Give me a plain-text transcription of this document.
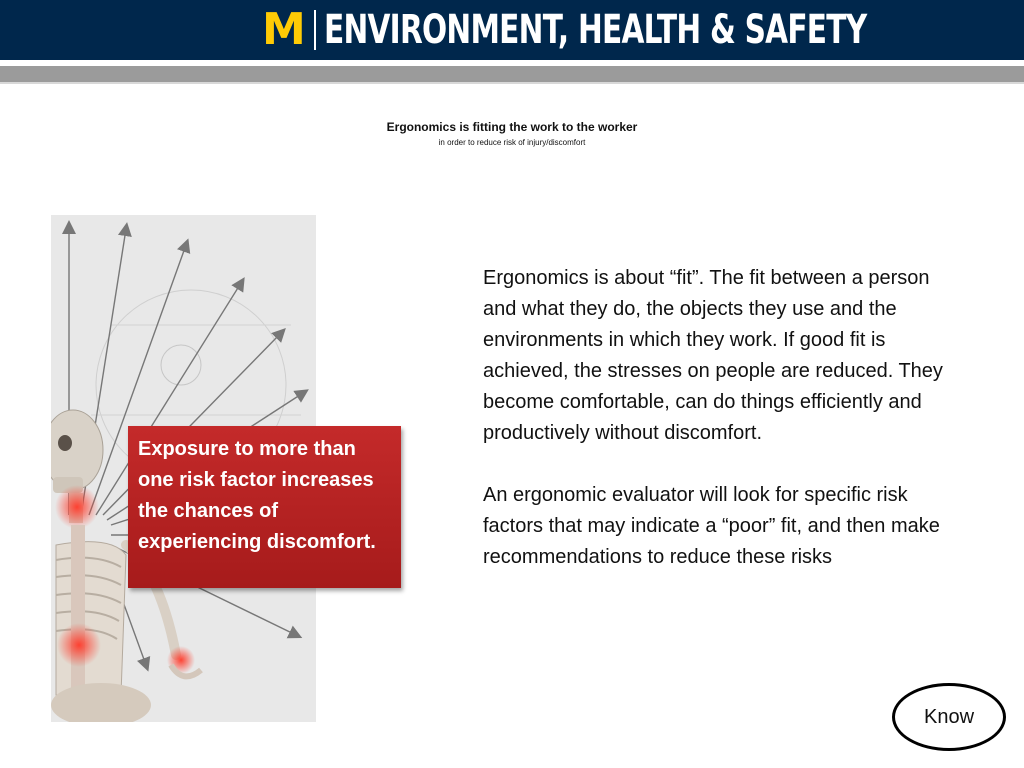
M ENVIRONMENT, HEALTH & SAFETY
Ergonomics is fitting the work to the worker
in order to reduce risk of injury/discomfort
Exposure to more than one risk factor increases the chances of experiencing discomfort.

Ergonomics is about “fit”. The fit between a person and what they do, the objects they use and the environments in which they work. If good fit is achieved, the stresses on people are reduced. They become comfortable, can do things efficiently and productively without discomfort.

An ergonomic evaluator will look for specific risk factors that may indicate a “poor” fit, and then make recommendations to reduce these risks

Know
